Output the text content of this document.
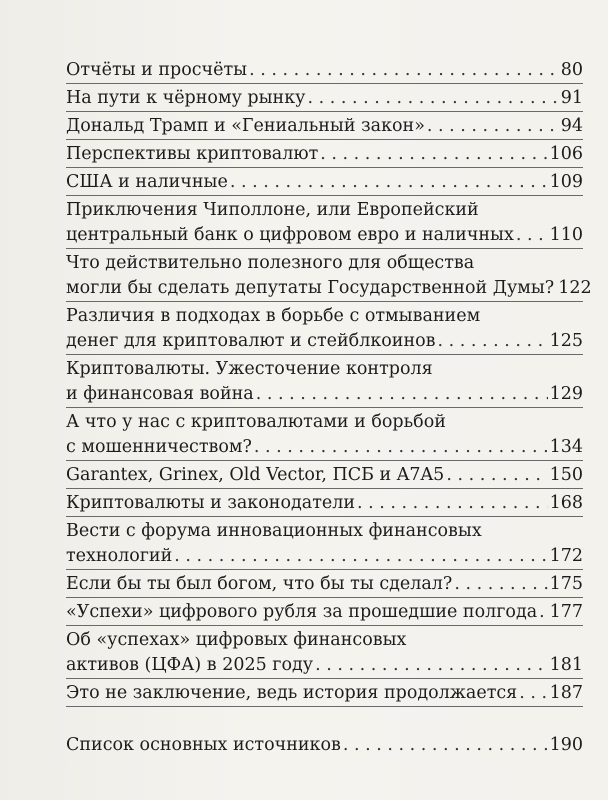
Отчёты и просчёты . . .	80
На пути к чёрному рынку . . .	91
Дональд Трамп и «Гениальный закон» . . .	94
Перспективы криптовалют . . .	106
США и наличные . . .	109
Приключения Чиполлоне, или Европейский
центральный банк о цифровом евро и наличных . . . 110
Что действительно полезного для общества
могли бы сделать депутаты Государственной Думы? 122
Различия в подходах в борьбе с отмыванием
денег для криптовалют и стейблкоинов . . .	125
Криптовалюты. Ужесточение контроля
и финансовая война . . .	129
А что у нас с криптовалютами и борьбой
с мошенничеством? . . .	134
Garantex, Grinex, Old Vector, ПСБ и A7A5 . . .	150
Криптовалюты и законодатели . . .	168
Вести с форума инновационных финансовых
технологий . . .	172
Если бы ты был богом, что бы ты сделал? . . .	175
«Успехи» цифрового рубля за прошедшие полгода . . . 177
Об «успехах» цифровых финансовых
активов (ЦФА) в 2025 году . . .	181
Это не заключение, ведь история продолжается . . . 187
Список основных источников . . .	190
